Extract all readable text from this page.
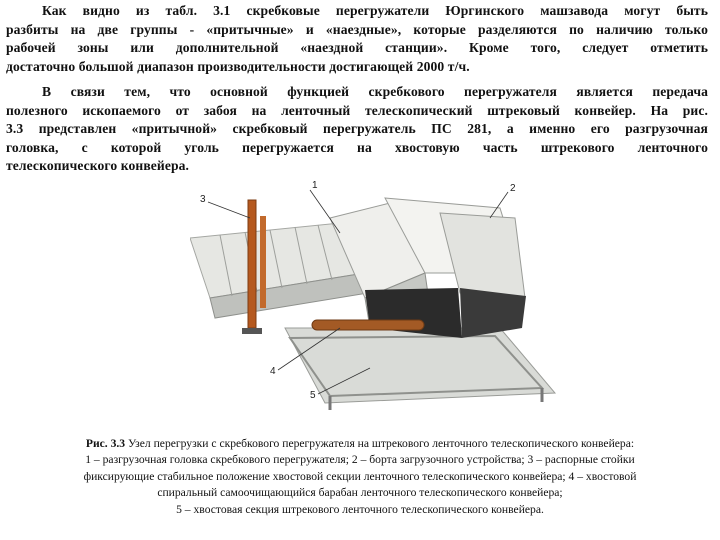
Как видно из табл. 3.1 скребковые перегружатели Юргинского машзавода могут быть
разбиты на две группы - «притычные» и «наездные», которые разделяются по наличию только
рабочей зоны или дополнительной «наездной станции». Кроме того, следует отметить
достаточно большой диапазон производительности достигающей 2000 т/ч.
В связи тем, что основной функцией скребкового перегружателя является передача
полезного ископаемого от забоя на ленточный телескопический штрековый конвейер. На рис.
3.3 представлен «притычной» скребковый перегружатель ПС 281, а именно его разгрузочная
головка, с которой уголь перегружается на хвостовую часть штрекового ленточного
телескопического конвейера.
1	2
3
4
5
Рис. 3.3 Узел перегрузки с скребкового перегружателя на штрекового ленточного телескопического конвейера:
1 – разгрузочная головка скребкового перегружателя; 2 – борта загрузочного устройства; 3 – распорные стойки
фиксирующие стабильное положение хвостовой секции ленточного телескопического конвейера; 4 – хвостовой
спиральный самоочищающийся барабан ленточного телескопического конвейера;
5 – хвостовая секция штрекового ленточного телескопического конвейера.
